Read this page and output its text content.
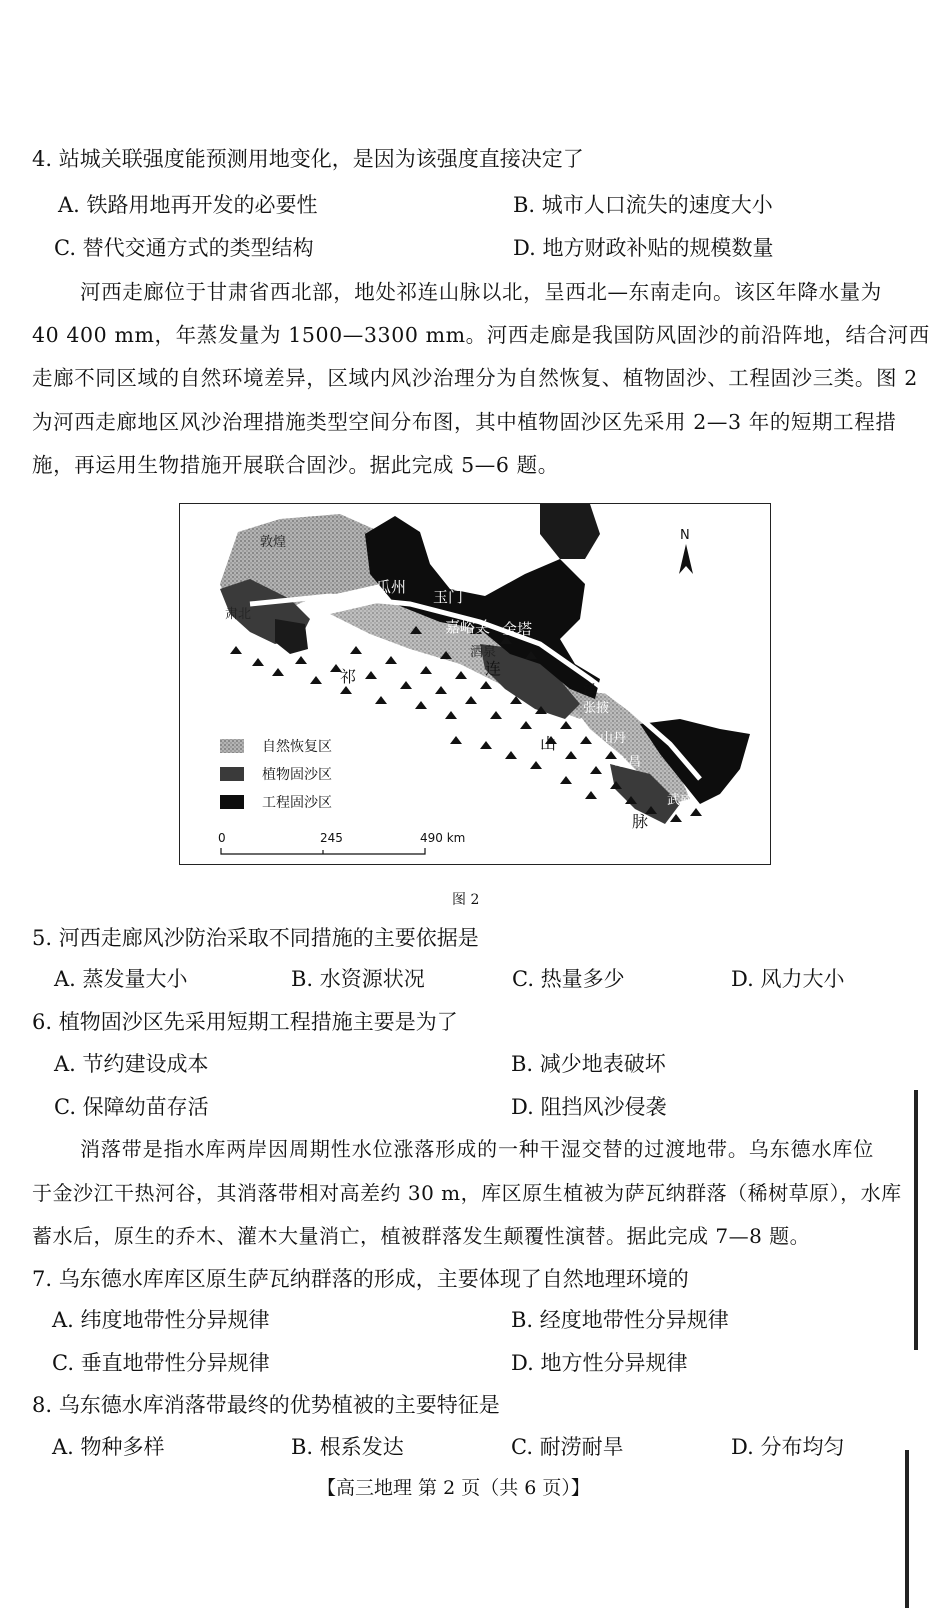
4. 站城关联强度能预测用地变化，是因为该强度直接决定了
A. 铁路用地再开发的必要性	B. 城市人口流失的速度大小
C. 替代交通方式的类型结构	D. 地方财政补贴的规模数量
河西走廊位于甘肃省西北部，地处祁连山脉以北，呈西北—东南走向。该区年降水量为
40 400 mm，年蒸发量为 1500—3300 mm。河西走廊是我国防风固沙的前沿阵地，结合河西
走廊不同区域的自然环境差异，区域内风沙治理分为自然恢复、植物固沙、工程固沙三类。图 2
为河西走廊地区风沙治理措施类型空间分布图，其中植物固沙区先采用 2—3 年的短期工程措
施，再运用生物措施开展联合固沙。据此完成 5—6 题。
敦煌
瓜州
玉门
嘉峪关 金塔
酒泉
肃北
祁	连
泽
张掖
山丹
山
永昌
武威
脉
N
自然恢复区
植物固沙区
工程固沙区
0	245	490 km
图 2
5. 河西走廊风沙防治采取不同措施的主要依据是
A. 蒸发量大小	B. 水资源状况	C. 热量多少	D. 风力大小
6. 植物固沙区先采用短期工程措施主要是为了
A. 节约建设成本	B. 减少地表破坏
C. 保障幼苗存活	D. 阻挡风沙侵袭
消落带是指水库两岸因周期性水位涨落形成的一种干湿交替的过渡地带。乌东德水库位
于金沙江干热河谷，其消落带相对高差约 30 m，库区原生植被为萨瓦纳群落（稀树草原），水库
蓄水后，原生的乔木、灌木大量消亡，植被群落发生颠覆性演替。据此完成 7—8 题。
7. 乌东德水库库区原生萨瓦纳群落的形成，主要体现了自然地理环境的
A. 纬度地带性分异规律	B. 经度地带性分异规律
C. 垂直地带性分异规律	D. 地方性分异规律
8. 乌东德水库消落带最终的优势植被的主要特征是
A. 物种多样	B. 根系发达	C. 耐涝耐旱	D. 分布均匀
【高三地理 第 2 页（共 6 页）】
